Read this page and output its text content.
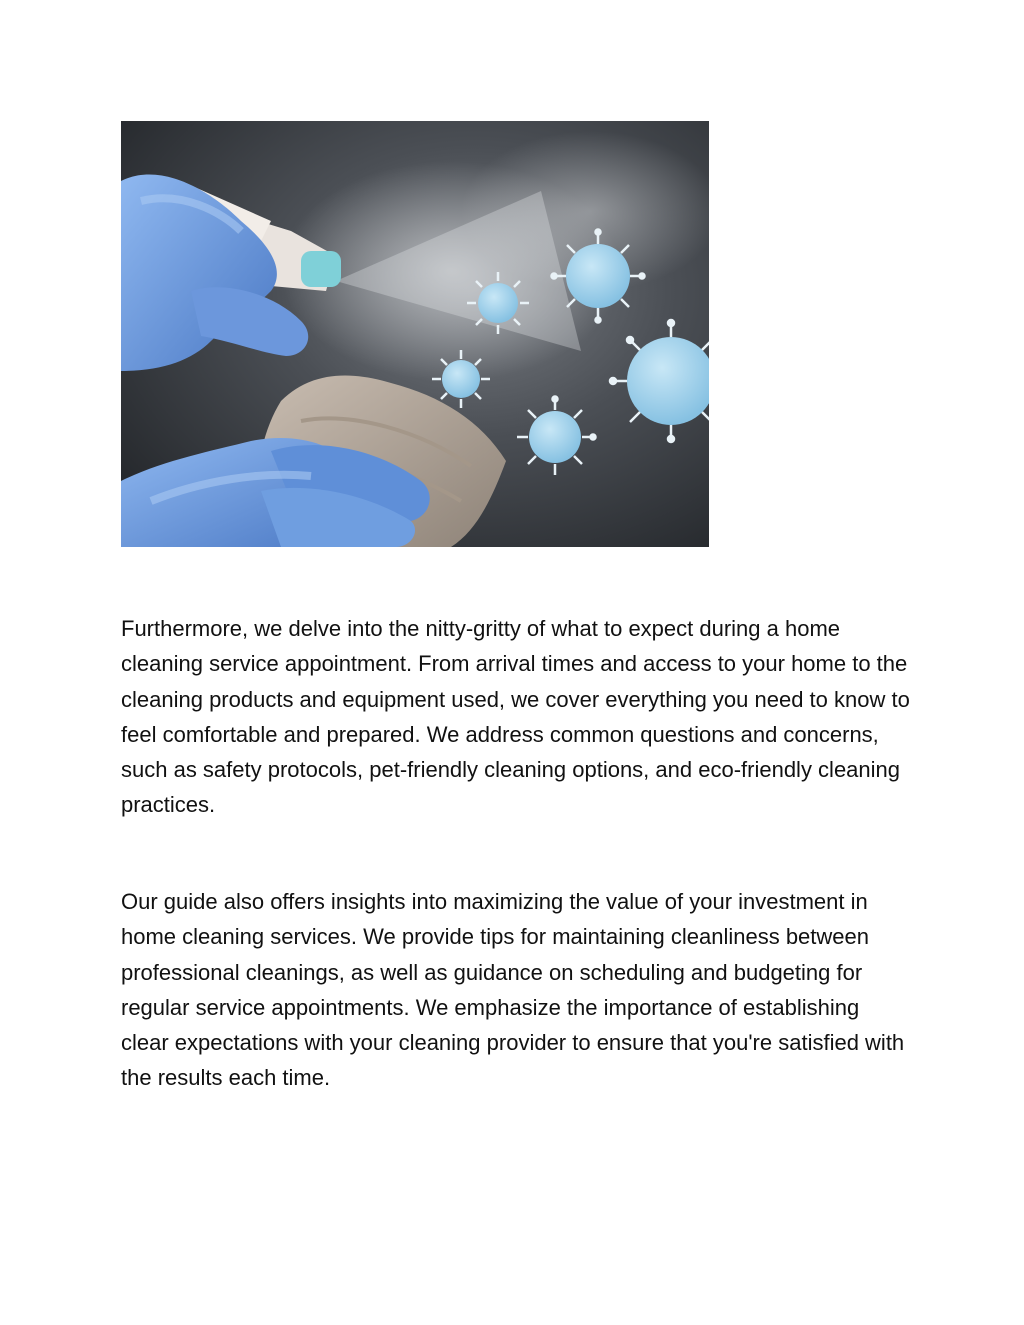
Furthermore, we delve into the nitty-gritty of what to expect during a home cleaning service appointment. From arrival times and access to your home to the cleaning products and equipment used, we cover everything you need to know to feel comfortable and prepared. We address common questions and concerns, such as safety protocols, pet-friendly cleaning options, and eco-friendly cleaning practices.

Our guide also offers insights into maximizing the value of your investment in home cleaning services. We provide tips for maintaining cleanliness between professional cleanings, as well as guidance on scheduling and budgeting for regular service appointments. We emphasize the importance of establishing clear expectations with your cleaning provider to ensure that you're satisfied with the results each time.
